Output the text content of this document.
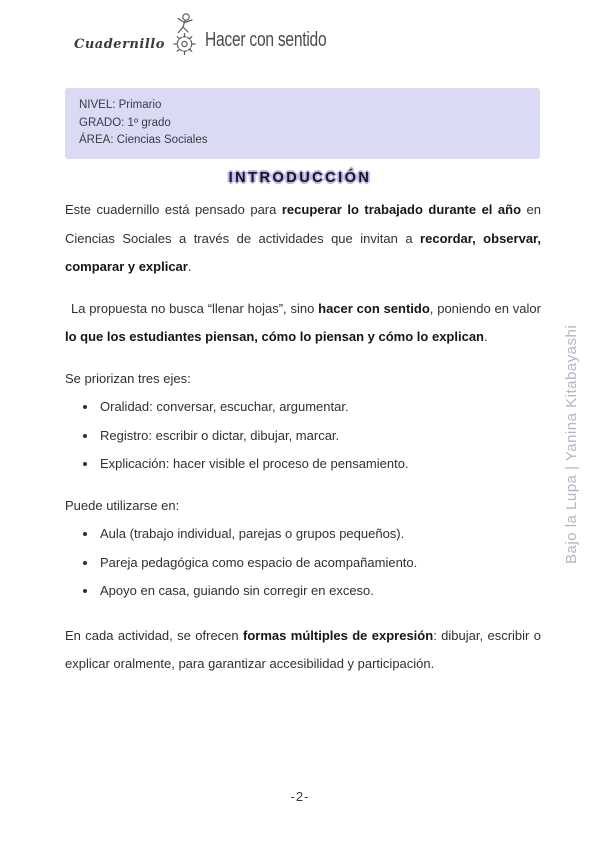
Cuadernillo Hacer con sentido
NIVEL: Primario
GRADO: 1º grado
ÁREA: Ciencias Sociales
INTRODUCCIÓN

Este cuadernillo está pensado para recuperar lo trabajado durante el año en Ciencias Sociales a través de actividades que invitan a recordar, observar, comparar y explicar.

La propuesta no busca “llenar hojas”, sino hacer con sentido, poniendo en valor lo que los estudiantes piensan, cómo lo piensan y cómo lo explican.

Se priorizan tres ejes:

• Oralidad: conversar, escuchar, argumentar.
• Registro: escribir o dictar, dibujar, marcar.
• Explicación: hacer visible el proceso de pensamiento.

Puede utilizarse en:

• Aula (trabajo individual, parejas o grupos pequeños).
• Pareja pedagógica como espacio de acompañamiento.
• Apoyo en casa, guiando sin corregir en exceso.

En cada actividad, se ofrecen formas múltiples de expresión: dibujar, escribir o explicar oralmente, para garantizar accesibilidad y participación.

Bajo la Lupa | Yanina Kitabayashi
-2-
